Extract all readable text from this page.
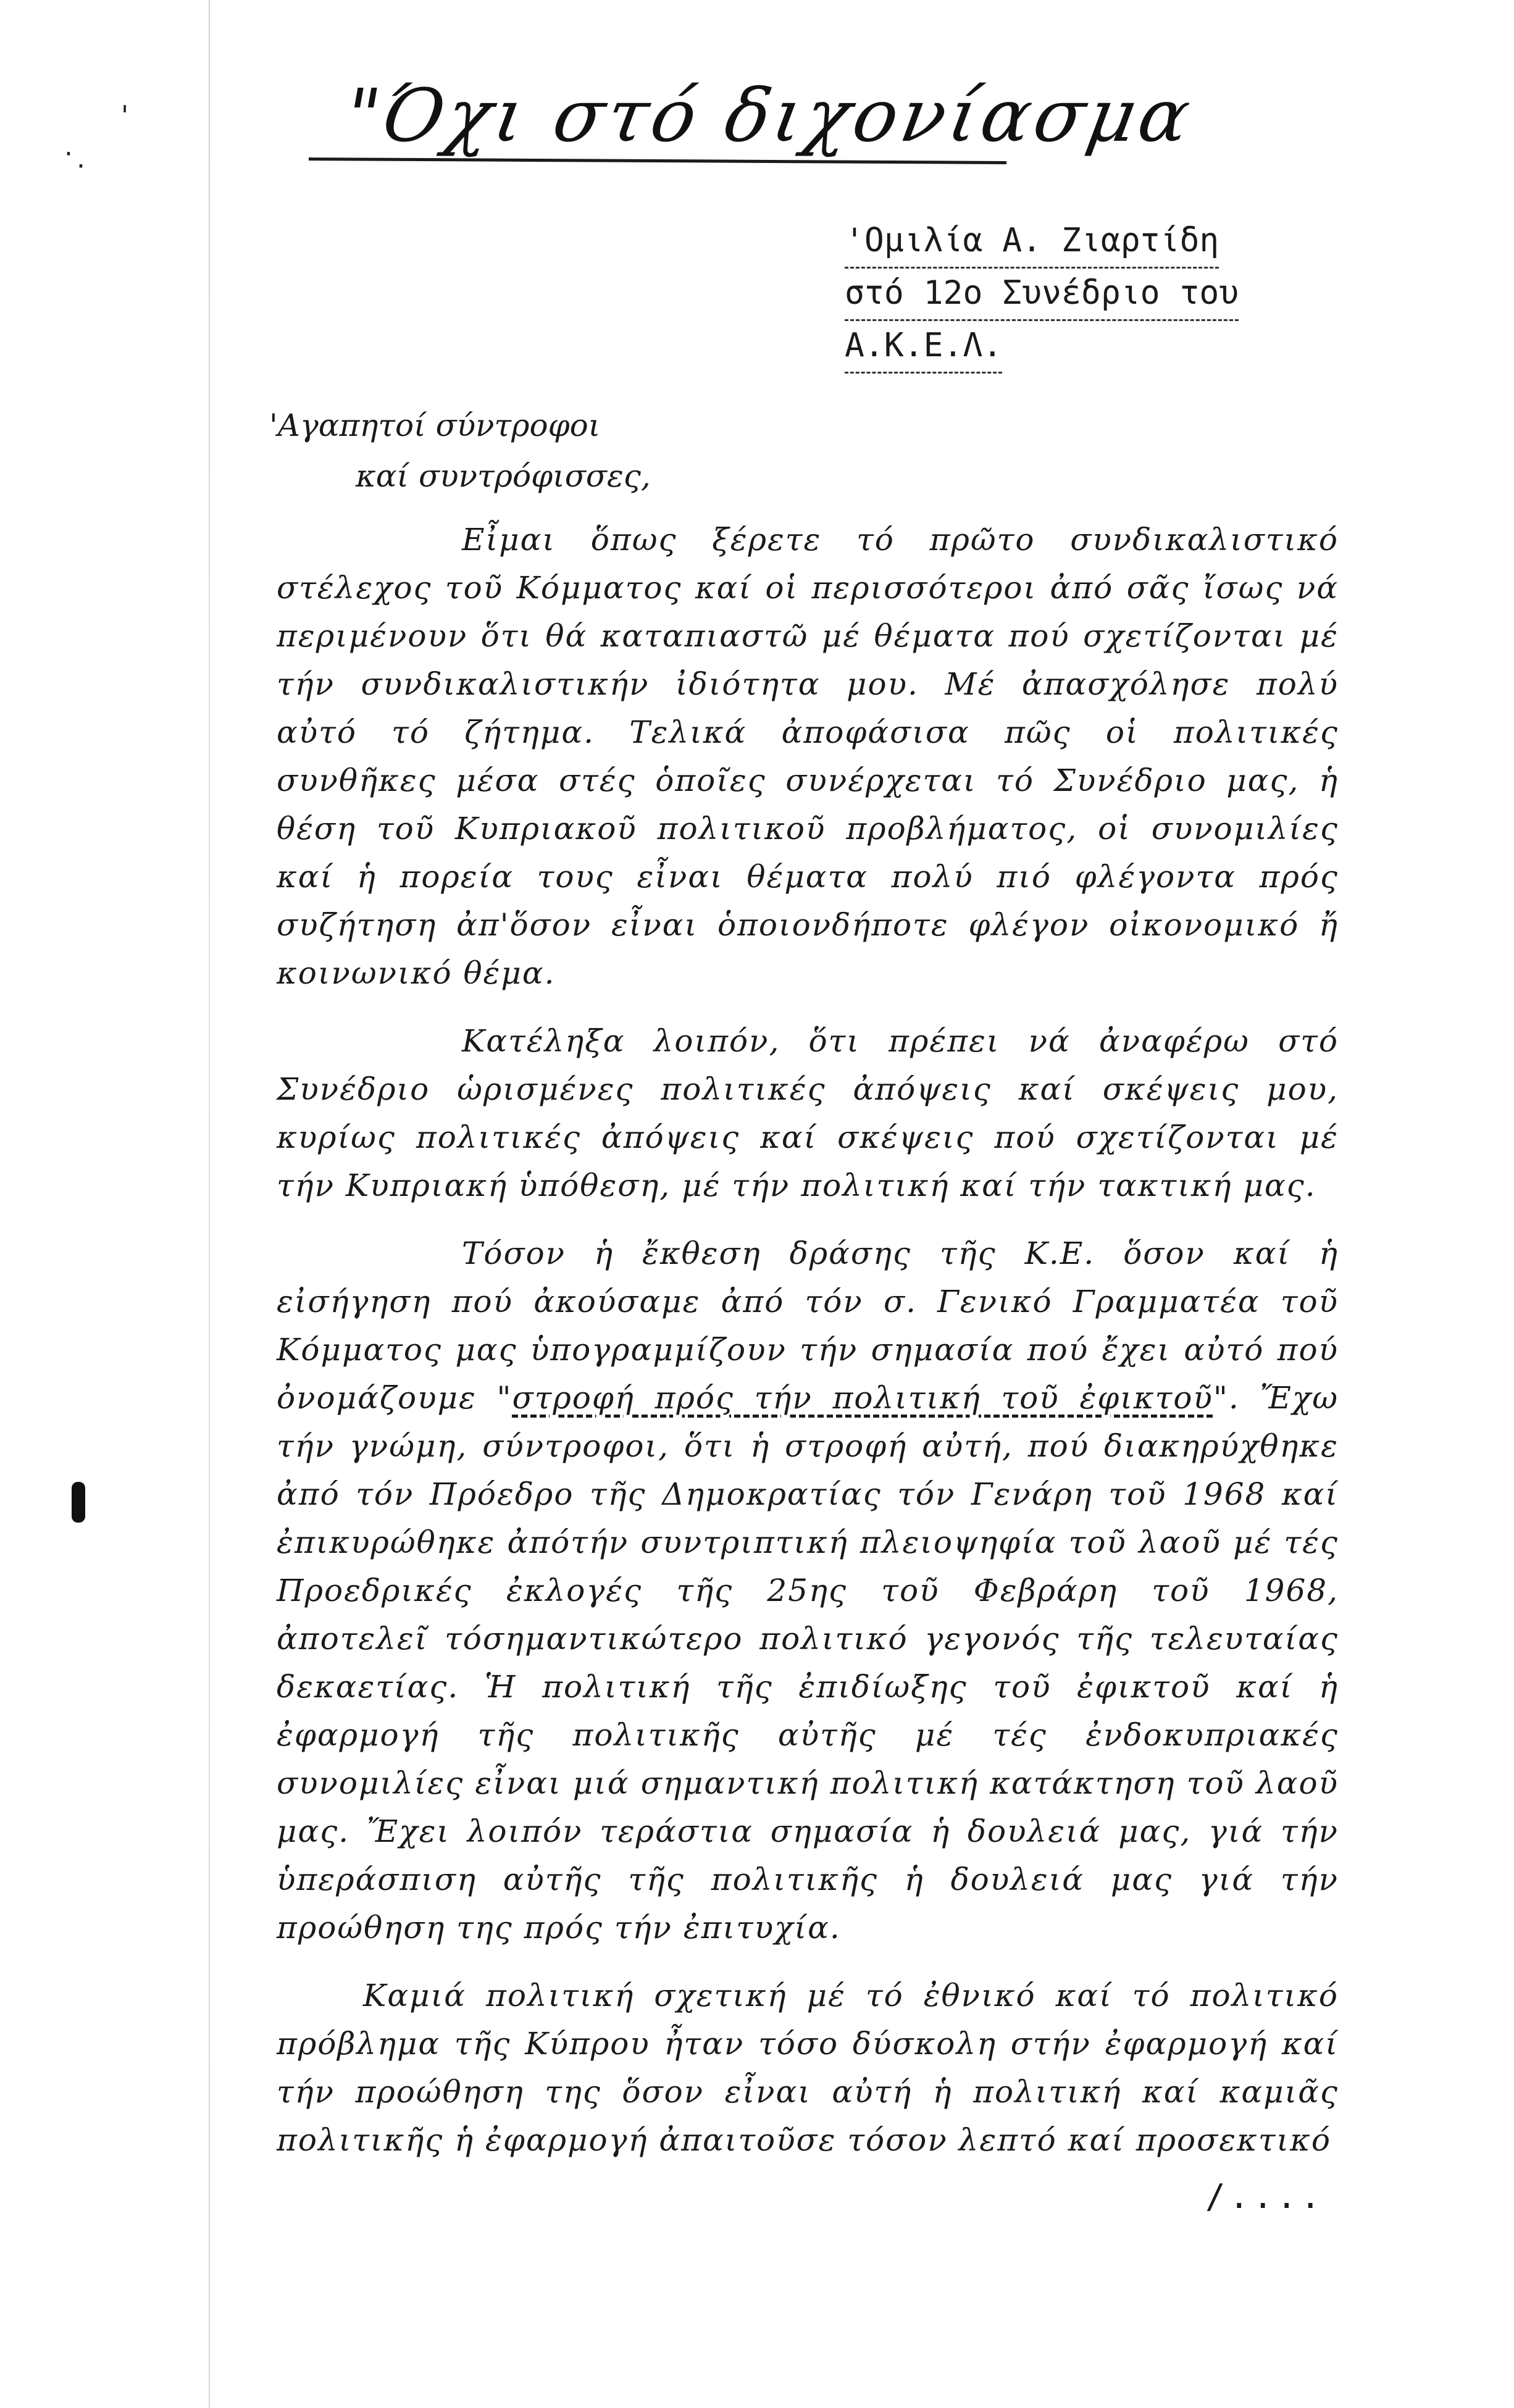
'
· ·
"Όχι στό διχονίασμα
'Ομιλία Α. Ζιαρτίδη
στό 12ο Συνέδριο του
Α.Κ.Ε.Λ.
'Αγαπητοί σύντροφοι
καί συντρόφισσες,

Εἶμαι ὅπως ξέρετε τό πρῶτο συνδικαλιστικό στέλεχος τοῦ Κόμματος καί οἱ περισσότεροι ἀπό σᾶς ἴσως νά περιμένουν ὅτι θά καταπιαστῶ μέ θέματα πού σχετίζονται μέ τήν συνδικαλιστικήν ἰδιότητα μου. Μέ ἀπασχόλησε πολύ αὐτό τό ζήτημα. Τελικά ἀποφάσισα πῶς οἱ πολιτικές συνθῆκες μέσα στές ὁποῖες συνέρχεται τό Συνέδριο μας, ἡ θέση τοῦ Κυπριακοῦ πολιτικοῦ προβλήματος, οἱ συνομιλίες καί ἡ πορεία τους εἶναι θέματα πολύ πιό φλέγοντα πρός συζήτηση ἀπ'ὅσον εἶναι ὁποιονδήποτε φλέγον οἰκονομικό ἤ κοινωνικό θέμα.

Κατέληξα λοιπόν, ὅτι πρέπει νά ἀναφέρω στό Συνέδριο ὡρισμένες πολιτικές ἀπόψεις καί σκέψεις μου, κυρίως πολιτικές ἀπόψεις καί σκέψεις πού σχετίζονται μέ τήν Κυπριακή ὑπόθεση, μέ τήν πολιτική καί τήν τακτική μας.

Τόσον ἡ ἔκθεση δράσης τῆς Κ.Ε. ὅσον καί ἡ εἰσήγηση πού ἀκούσαμε ἀπό τόν σ. Γενικό Γραμματέα τοῦ Κόμματος μας ὑπογραμμίζουν τήν σημασία πού ἔχει αὐτό πού ὀνομάζουμε "στροφή πρός τήν πολιτική τοῦ ἐφικτοῦ". Ἔχω τήν γνώμη, σύντροφοι, ὅτι ἡ στροφή αὐτή, πού διακηρύχθηκε ἀπό τόν Πρόεδρο τῆς Δημοκρατίας τόν Γενάρη τοῦ 1968 καί ἐπικυρώθηκε ἀπότήν συντριπτική πλειοψηφία τοῦ λαοῦ μέ τές Προεδρικές ἐκλογές τῆς 25ης τοῦ Φεβράρη τοῦ 1968, ἀποτελεῖ τόσημαντικώτερο πολιτικό γεγονός τῆς τελευταίας δεκαετίας. Ἡ πολιτική τῆς ἐπιδίωξης τοῦ ἐφικτοῦ καί ἡ ἐφαρμογή τῆς πολιτικῆς αὐτῆς μέ τές ἐνδοκυπριακές συνομιλίες εἶναι μιά σημαντική πολιτική κατάκτηση τοῦ λαοῦ μας. Ἔχει λοιπόν τεράστια σημασία ἡ δουλειά μας, γιά τήν ὑπεράσπιση αὐτῆς τῆς πολιτικῆς ἡ δουλειά μας γιά τήν προώθηση της πρός τήν ἐπιτυχία.

Καμιά πολιτική σχετική μέ τό ἐθνικό καί τό πολιτικό πρόβλημα τῆς Κύπρου ἦταν τόσο δύσκολη στήν ἐφαρμογή καί τήν προώθηση της ὅσον εἶναι αὐτή ἡ πολιτική καί καμιᾶς πολιτικῆς ἡ ἐφαρμογή ἀπαιτοῦσε τόσον λεπτό καί προσεκτικό

/....
